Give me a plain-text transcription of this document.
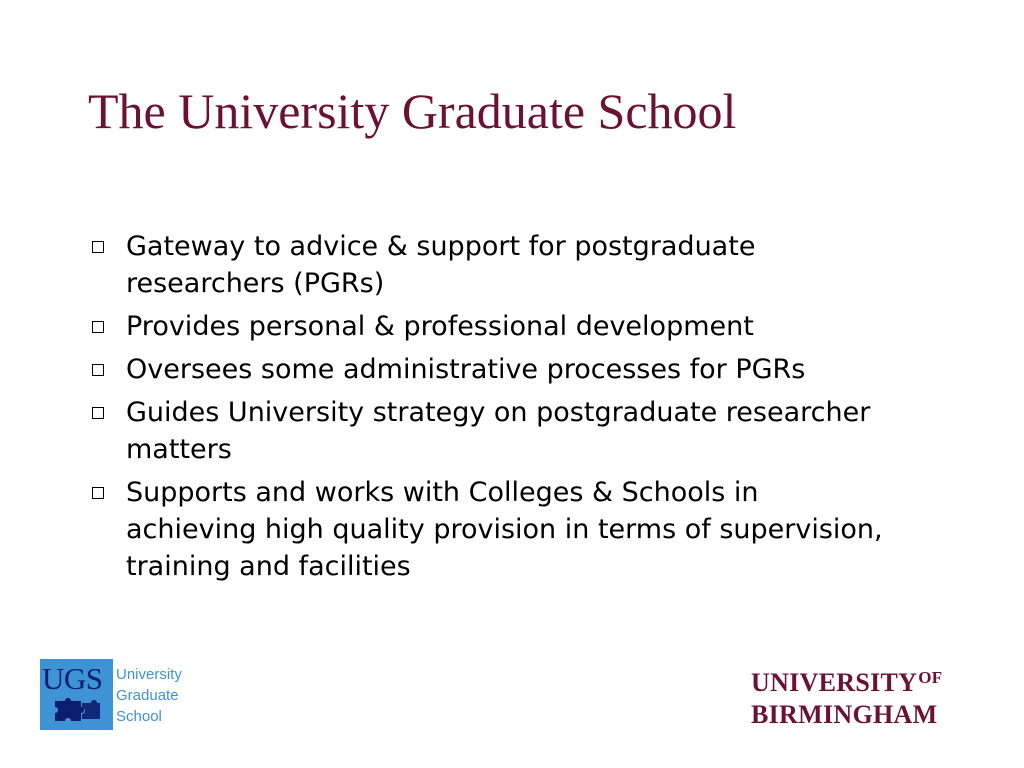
The University Graduate School
Gateway to advice & support for postgraduate researchers (PGRs)
Provides personal & professional development
Oversees some administrative processes for PGRs
Guides University strategy on postgraduate researcher matters
Supports and works with Colleges & Schools in achieving high quality provision in terms of supervision, training and facilities
UGS University
Graduate
School
$UNIVERSITY^{OF}$
BIRMINGHAM
